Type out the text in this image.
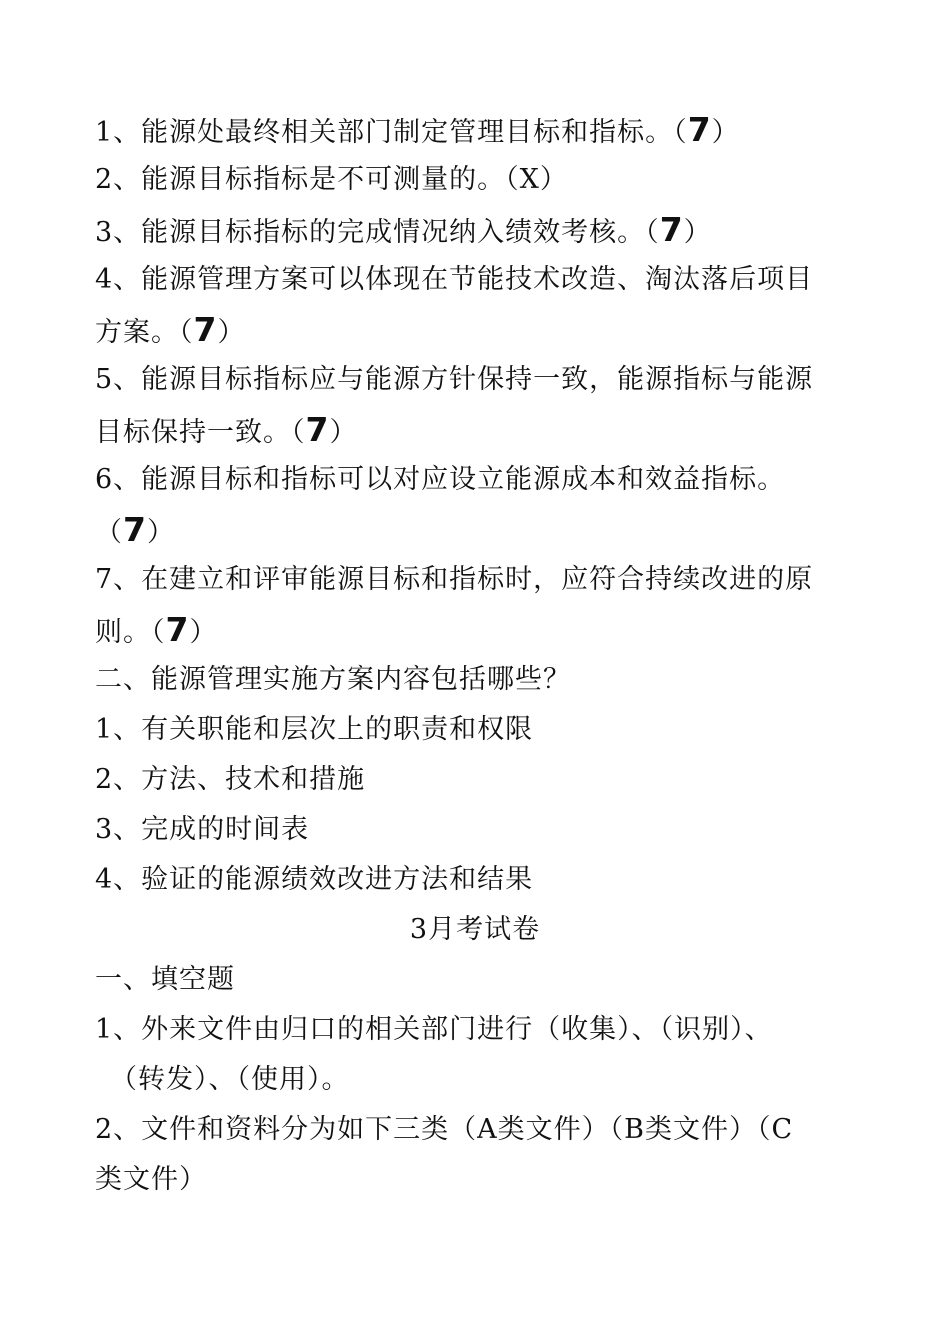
1、能源处最终相关部门制定管理目标和指标。（7）
2、能源目标指标是不可测量的。（X）
3、能源目标指标的完成情况纳入绩效考核。（7）
4、能源管理方案可以体现在节能技术改造、淘汰落后项目
方案。（7）
5、能源目标指标应与能源方针保持一致，能源指标与能源
目标保持一致。（7）
6、能源目标和指标可以对应设立能源成本和效益指标。
（7）
7、在建立和评审能源目标和指标时，应符合持续改进的原
则。（7）
二、能源管理实施方案内容包括哪些？
1、有关职能和层次上的职责和权限
2、方法、技术和措施
3、完成的时间表
4、验证的能源绩效改进方法和结果
3月考试卷
一、填空题
1、外来文件由归口的相关部门进行（收集）、（识别）、
（转发）、（使用）。
2、文件和资料分为如下三类（A类文件）（B类文件）（C
类文件）
